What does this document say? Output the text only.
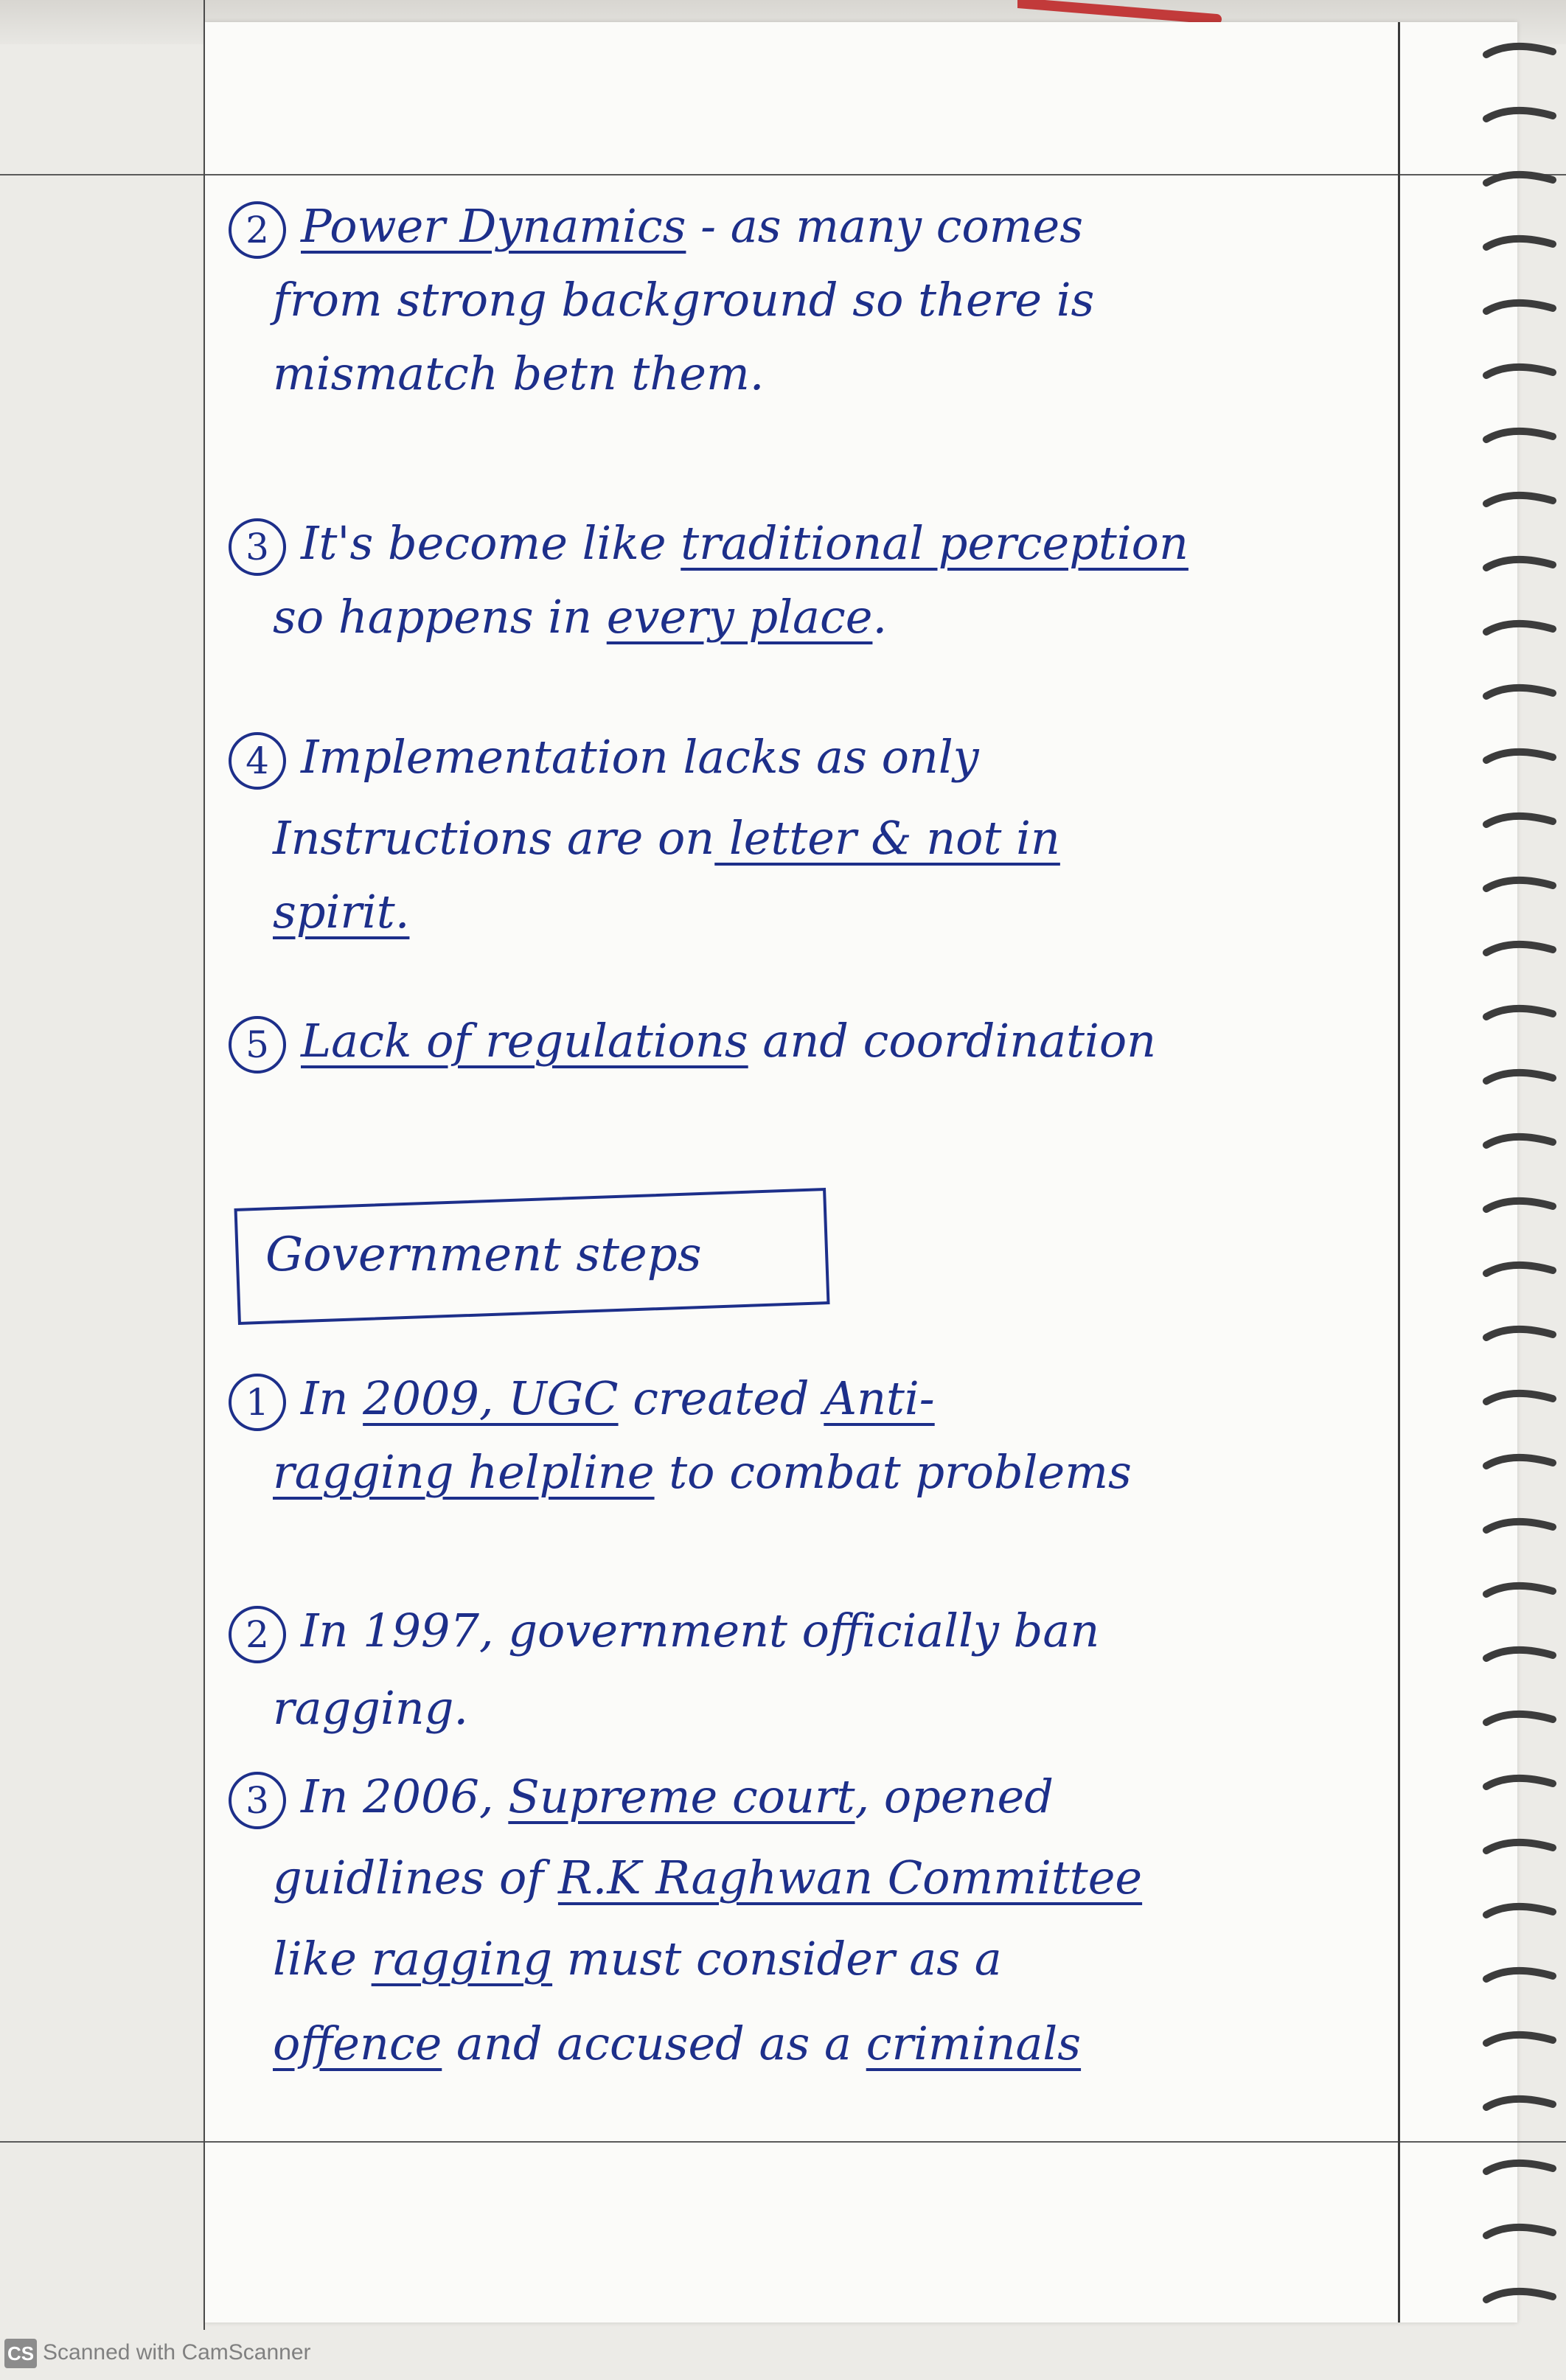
Government steps
2 Power Dynamics - as many comes
from strong background so there is
mismatch betn them.
3 It's become like traditional perception
so happens in every place.
4 Implementation lacks as only
Instructions are on letter & not in
spirit.
5 Lack of regulations and coordination
1 In 2009, UGC created Anti-
ragging helpline to combat problems
2 In 1997, government officially ban
ragging.
3 In 2006, Supreme court, opened
guidlines of R.K Raghwan Committee
like ragging must consider as a
offence and accused as a criminals
CS Scanned with CamScanner
